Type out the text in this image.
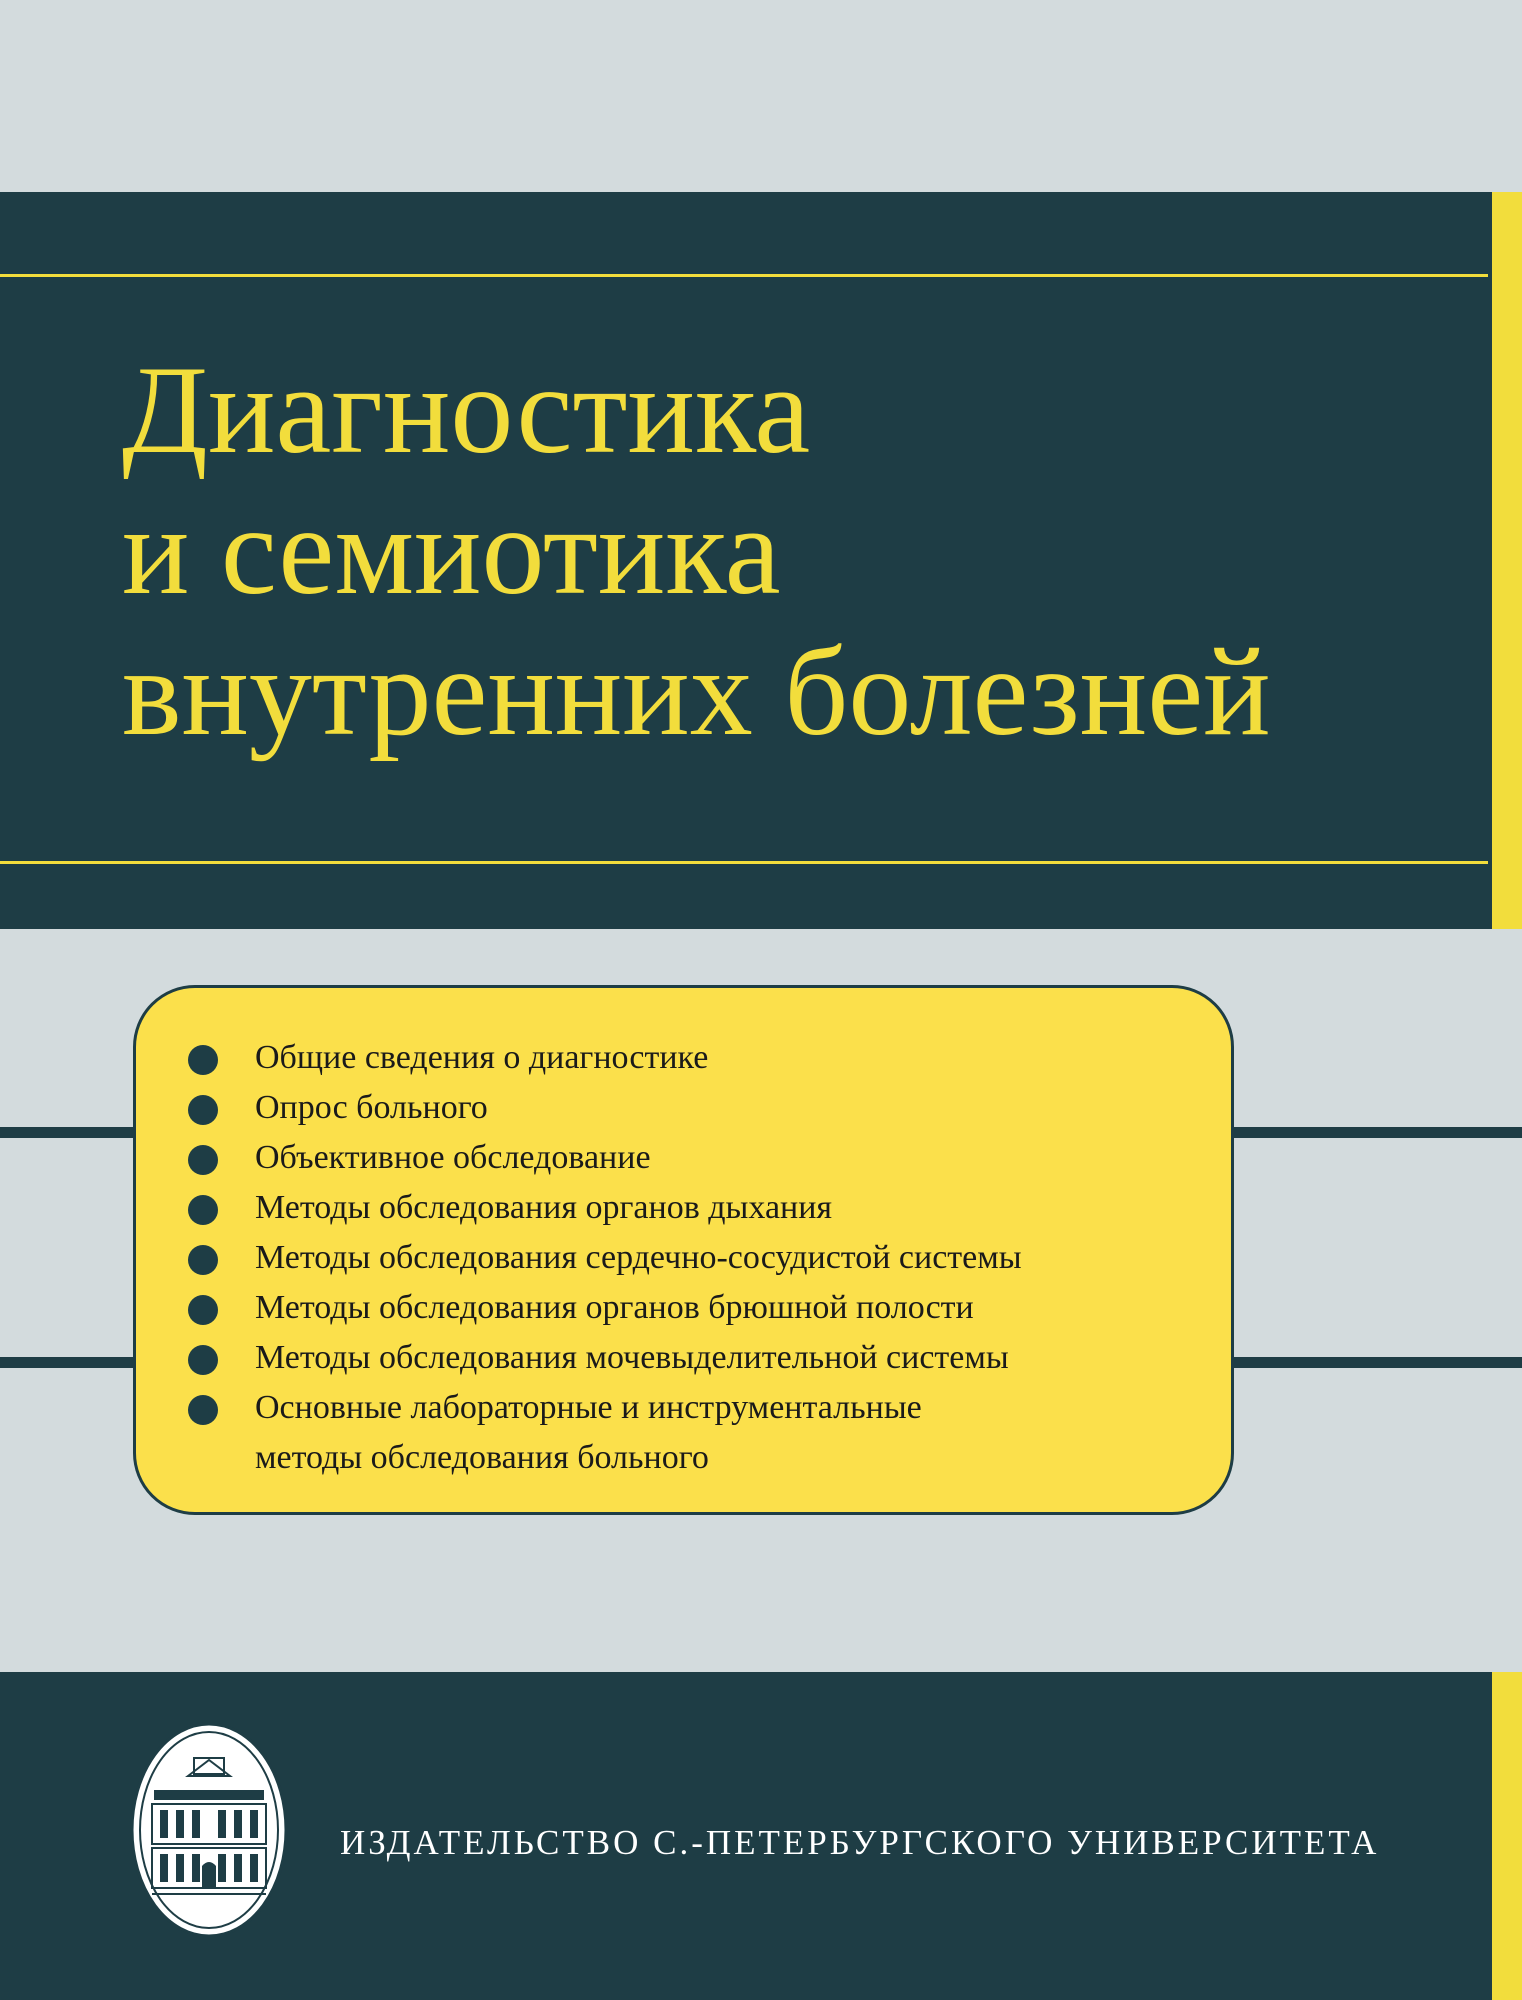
Диагностика
и семиотика
внутренних болезней
Общие сведения о диагностике
Опрос больного
Объективное обследование
Методы обследования органов дыхания
Методы обследования сердечно-сосудистой системы
Методы обследования органов брюшной полости
Методы обследования мочевыделительной системы
Основные лабораторные и инструментальные
методы обследования больного
ИЗДАТЕЛЬСТВО С.-ПЕТЕРБУРГСКОГО УНИВЕРСИТЕТА
